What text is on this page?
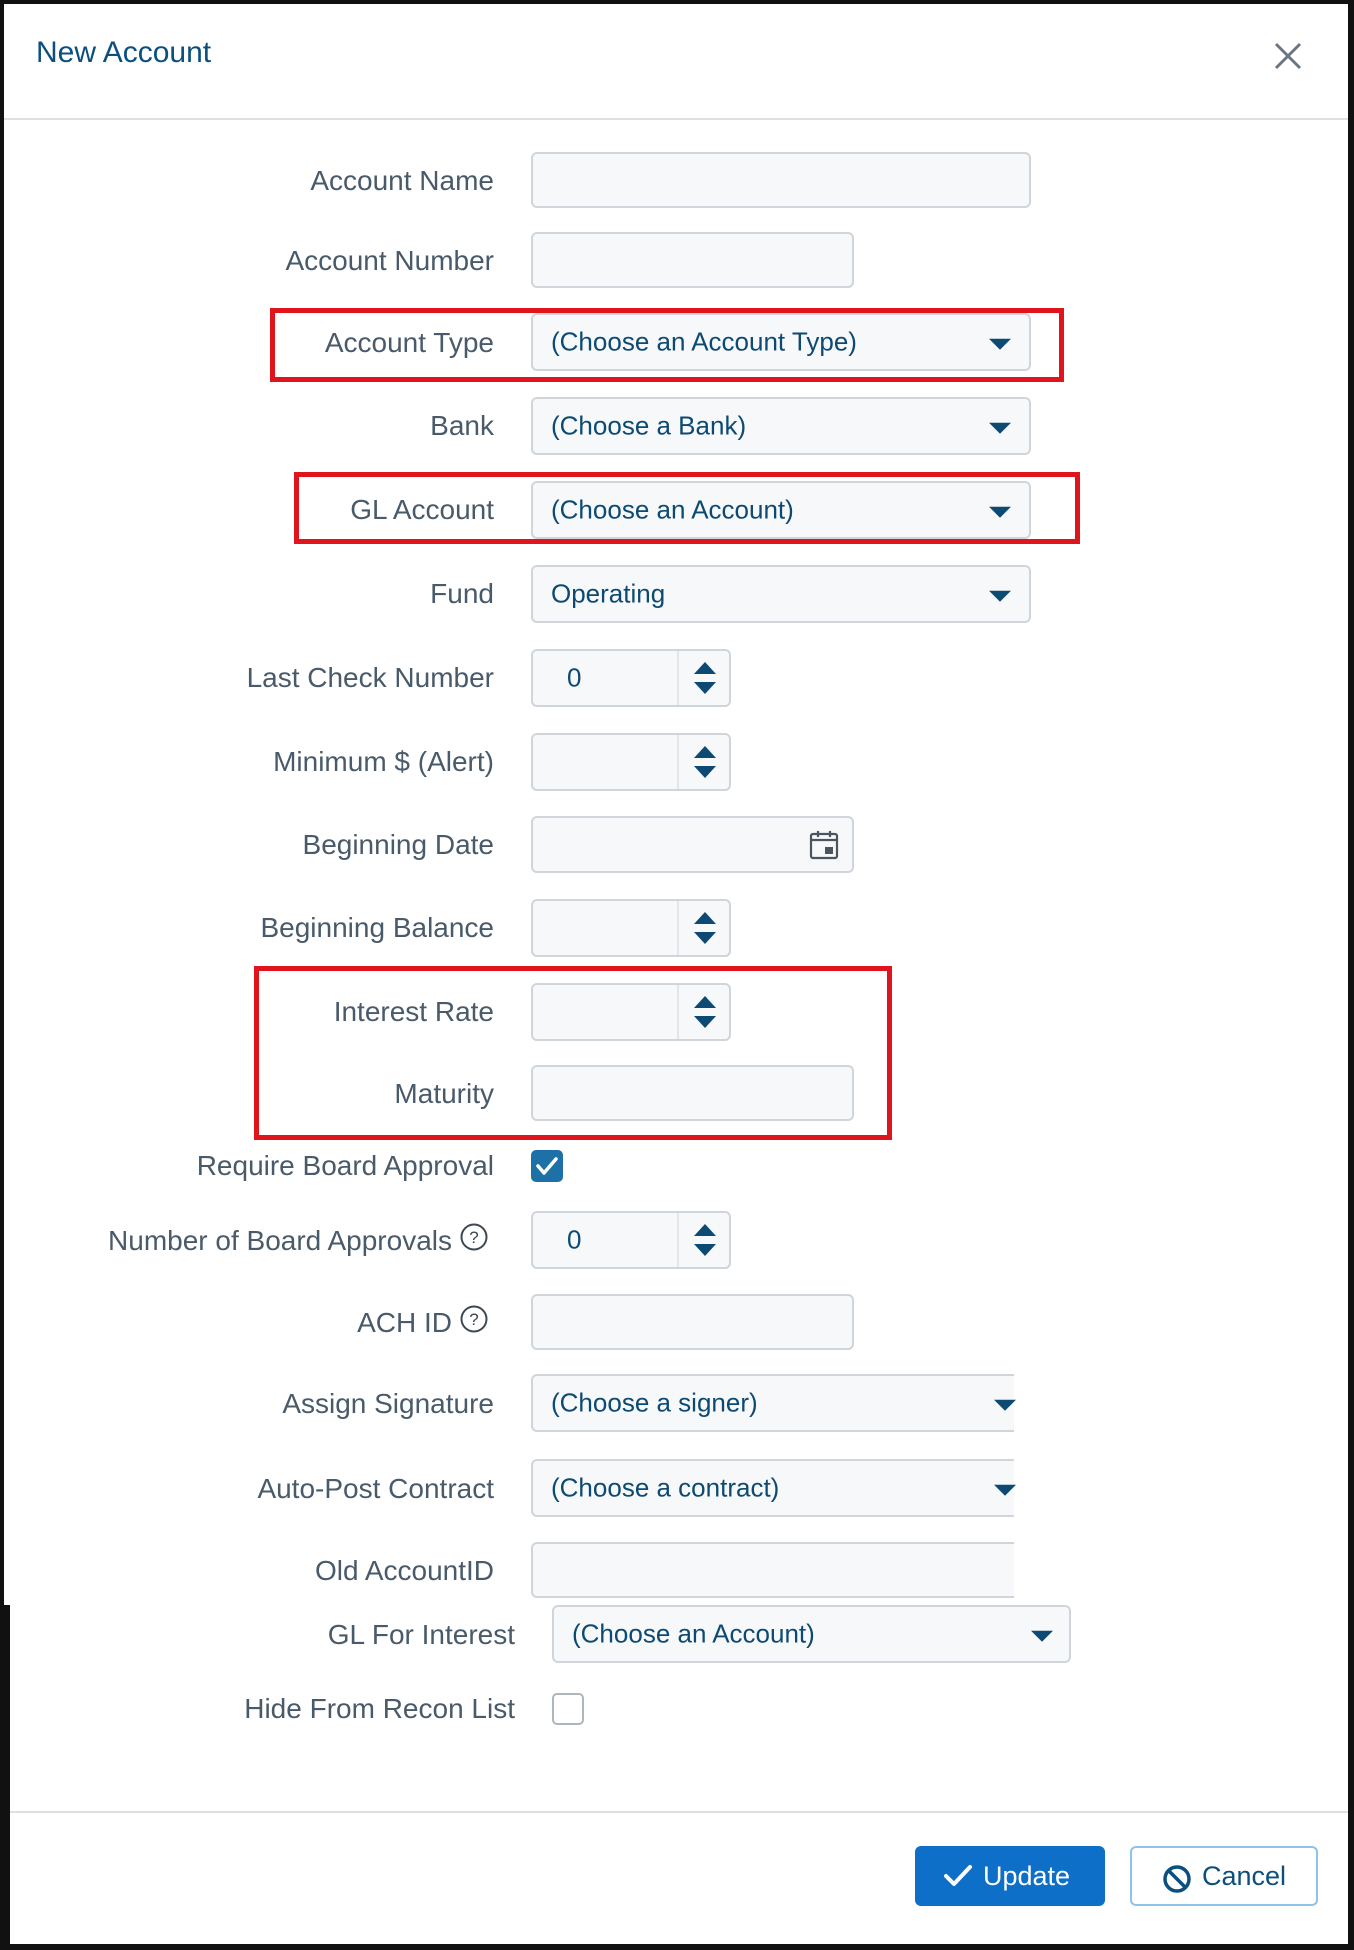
New Account
Account Name
Account Number
Account Type (Choose an Account Type)
Bank (Choose a Bank)
GL Account (Choose an Account)
Fund Operating
Last Check Number	0
Minimum $ (Alert)
Beginning Date
Beginning Balance
Interest Rate
Maturity
Require Board Approval
Number of Board Approvals ?	0
ACH ID ?
Assign Signature (Choose a signer)
Auto-Post Contract (Choose a contract)
Old AccountID
GL For Interest (Choose an Account)
Hide From Recon List
Update	Cancel
